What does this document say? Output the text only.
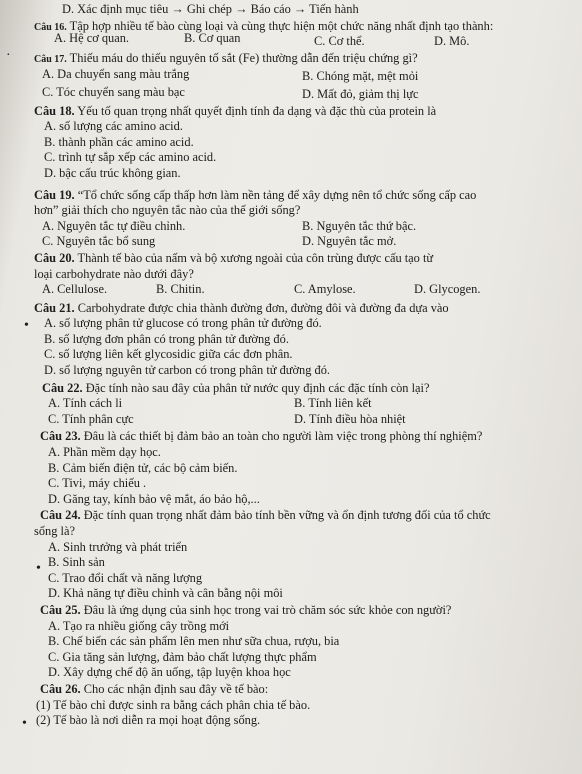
D. Xác định mục tiêu → Ghi chép → Báo cáo → Tiến hành
Câu 16. Tập hợp nhiều tế bào cùng loại và cùng thực hiện một chức năng nhất định tạo thành:
A. Hệ cơ quan.	B. Cơ quan	C. Cơ thể.	D. Mô.
Câu 17. Thiếu máu do thiếu nguyên tố sắt (Fe) thường dẫn đến triệu chứng gì?
A. Da chuyển sang màu trắng	B. Chóng mặt, mệt mỏi
C. Tóc chuyển sang màu bạc	D. Mất đỏ, giảm thị lực
Câu 18. Yếu tố quan trọng nhất quyết định tính đa dạng và đặc thù của protein là
A. số lượng các amino acid.
B. thành phần các amino acid.
C. trình tự sắp xếp các amino acid.
D. bậc cấu trúc không gian.
Câu 19. “Tổ chức sống cấp thấp hơn làm nền tảng để xây dựng nên tổ chức sống cấp cao
hơn” giải thích cho nguyên tắc nào của thế giới sống?
A. Nguyên tắc tự điều chỉnh.	B. Nguyên tắc thứ bậc.
C. Nguyên tắc bổ sung	D. Nguyên tắc mở.
Câu 20. Thành tế bào của nấm và bộ xương ngoài của côn trùng được cấu tạo từ
loại carbohydrate nào dưới đây?
A. Cellulose.	B. Chitin.	C. Amylose.	D. Glycogen.
Câu 21. Carbohydrate được chia thành đường đơn, đường đôi và đường đa dựa vào
A. số lượng phân tử glucose có trong phân tử đường đó.
B. số lượng đơn phân có trong phân tử đường đó.
C. số lượng liên kết glycosidic giữa các đơn phân.
D. số lượng nguyên tử carbon có trong phân tử đường đó.
Câu 22. Đặc tính nào sau đây của phân tử nước quy định các đặc tính còn lại?
A. Tính cách li	B. Tính liên kết
C. Tính phân cực	D. Tính điều hòa nhiệt
Câu 23. Đâu là các thiết bị đảm bảo an toàn cho người làm việc trong phòng thí nghiệm?
A. Phần mềm dạy học.
B. Cảm biến điện tử, các bộ cảm biến.
C. Tivi, máy chiếu .
D. Găng tay, kính bảo vệ mắt, áo bảo hộ,...
Câu 24. Đặc tính quan trọng nhất đảm bảo tính bền vững và ổn định tương đối của tổ chức
sống là?
A. Sinh trưởng và phát triển
B. Sinh sản
C. Trao đổi chất và năng lượng
D. Khả năng tự điều chỉnh và cân bằng nội môi
Câu 25. Đâu là ứng dụng của sinh học trong vai trò chăm sóc sức khỏe con người?
A. Tạo ra nhiều giống cây trồng mới
B. Chế biến các sản phẩm lên men như sữa chua, rượu, bia
C. Gia tăng sản lượng, đảm bảo chất lượng thực phẩm
D. Xây dựng chế độ ăn uống, tập luyện khoa học
Câu 26. Cho các nhận định sau đây về tế bào:
(1) Tế bào chỉ được sinh ra bằng cách phân chia tế bào.
(2) Tế bào là nơi diễn ra mọi hoạt động sống.
·
•
•
•
